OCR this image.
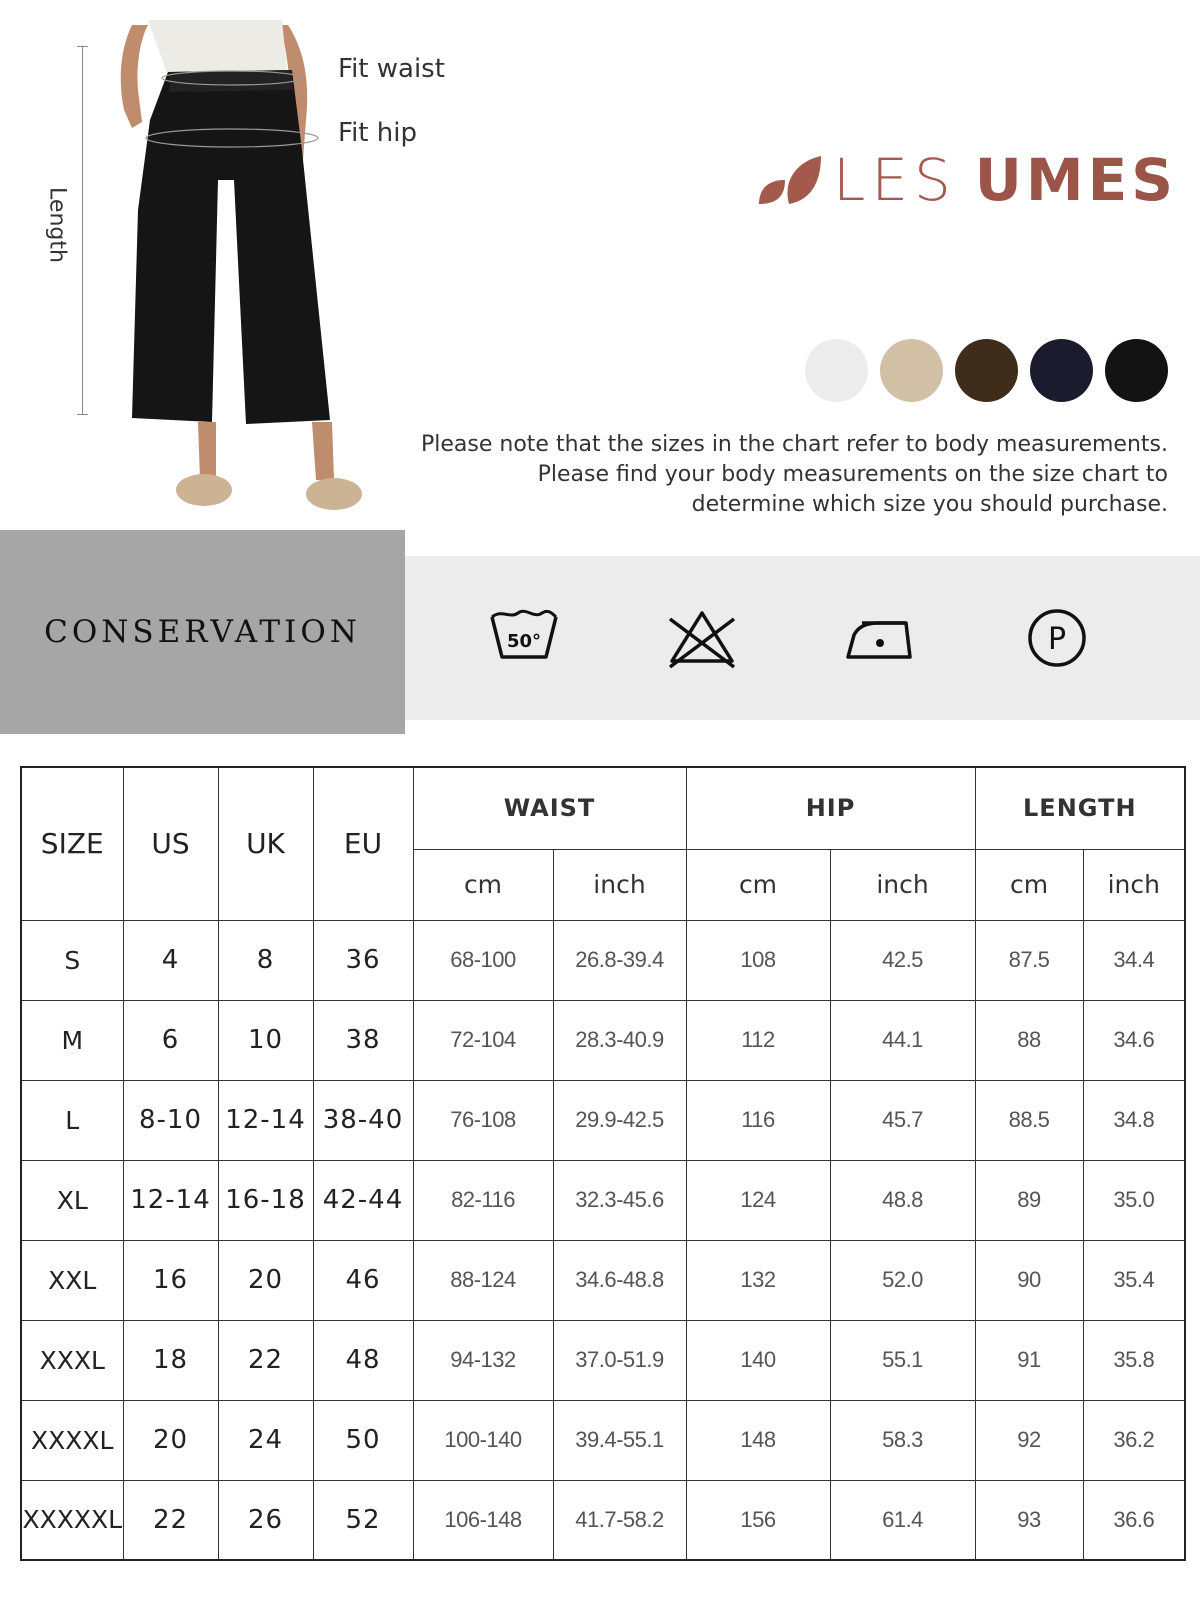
Length
Fit waist
Fit hip
LES UMES
Please note that the sizes in the chart refer to body measurements.
Please find your body measurements on the size chart to
determine which size you should purchase.
CONSERVATION	50°	P
SIZE	US	UK	EU	WAIST		HIP		LENGTH	
				cm	inch	cm	inch	cm	inch
S	4	8	36	68-100	26.8-39.4	108	42.5	87.5	34.4
M	6	10	38	72-104	28.3-40.9	112	44.1	88	34.6
L	8-10	12-14	38-40	76-108	29.9-42.5	116	45.7	88.5	34.8
XL	12-14	16-18	42-44	82-116	32.3-45.6	124	48.8	89	35.0
XXL	16	20	46	88-124	34.6-48.8	132	52.0	90	35.4
XXXL	18	22	48	94-132	37.0-51.9	140	55.1	91	35.8
XXXXL	20	24	50	100-140	39.4-55.1	148	58.3	92	36.2
XXXXXL	22	26	52	106-148	41.7-58.2	156	61.4	93	36.6
